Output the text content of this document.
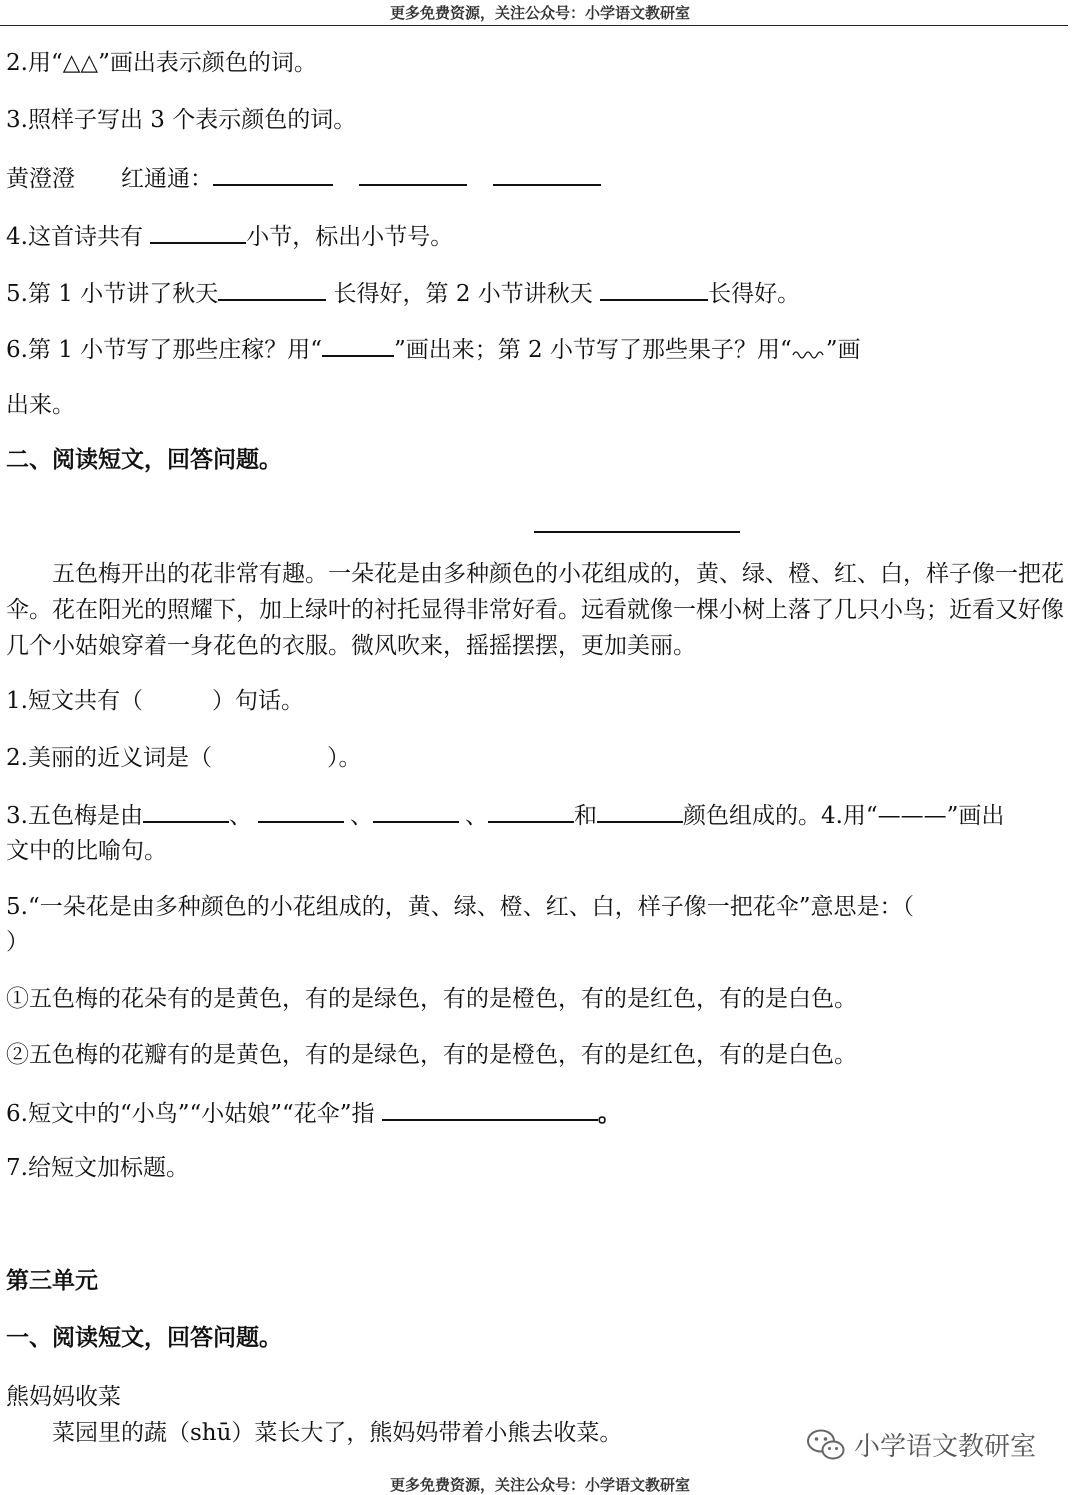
更多免费资源，关注公众号：小学语文教研室
2.用“△△”画出表示颜色的词。
3.照样子写出 3 个表示颜色的词。
黄澄澄　　红通通：
4.这首诗共有	小节，标出小节号。
5.第 1 小节讲了秋天	长得好，第 2 小节讲秋天	长得好。
6.第 1 小节写了那些庄稼？用“	”画出来；第 2 小节写了那些果子？用“ ”画
出来。
二、阅读短文，回答问题。
五色梅开出的花非常有趣。一朵花是由多种颜色的小花组成的，黄、绿、橙、红、白，样子像一把花伞。花在阳光的照耀下，加上绿叶的衬托显得非常好看。远看就像一棵小树上落了几只小鸟；近看又好像几个小姑娘穿着一身花色的衣服。微风吹来，摇摇摆摆，更加美丽。
1.短文共有（　　　）句话。
2.美丽的近义词是（　　　　　）。
3.五色梅是由	、	、	、	和	颜色组成的。4.用“———”画出
文中的比喻句。
5.“一朵花是由多种颜色的小花组成的，黄、绿、橙、红、白，样子像一把花伞”意思是：（
）
①五色梅的花朵有的是黄色，有的是绿色，有的是橙色，有的是红色，有的是白色。
②五色梅的花瓣有的是黄色，有的是绿色，有的是橙色，有的是红色，有的是白色。
6.短文中的“小鸟”“小姑娘”“花伞”指	。
7.给短文加标题。
第三单元
一、阅读短文，回答问题。
熊妈妈收菜
菜园里的蔬（shū）菜长大了，熊妈妈带着小熊去收菜。	小学语文教研室
更多免费资源，关注公众号：小学语文教研室
